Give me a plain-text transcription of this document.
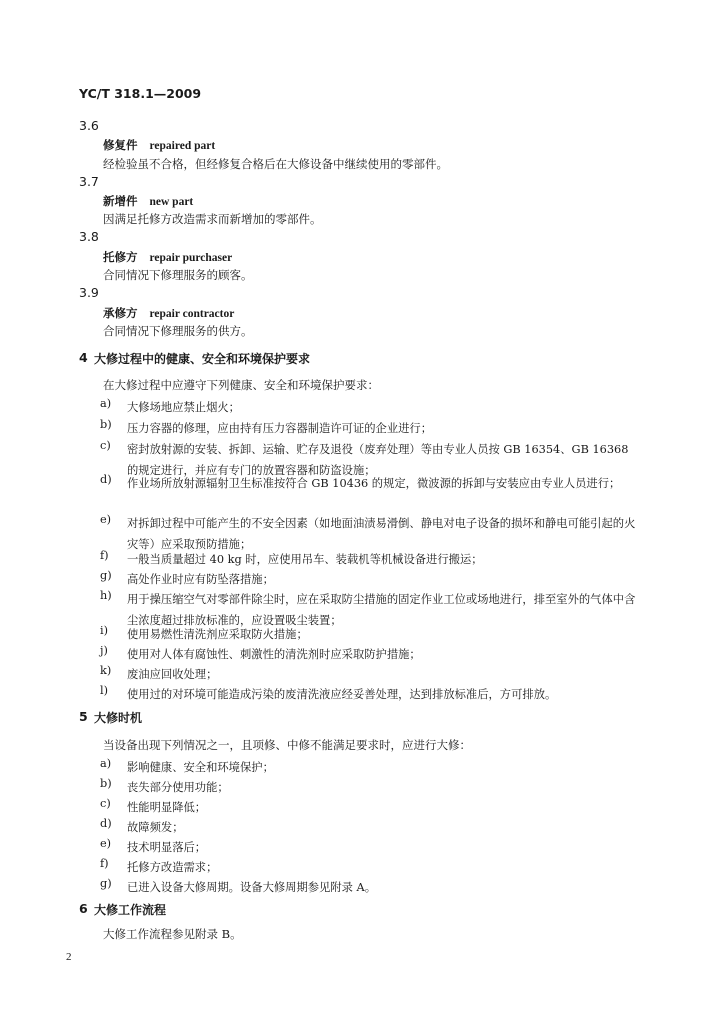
YC/T 318.1—2009
3.6
修复件 repaired part
经检验虽不合格，但经修复合格后在大修设备中继续使用的零部件。
3.7
新增件 new part
因满足托修方改造需求而新增加的零部件。
3.8
托修方 repair purchaser
合同情况下修理服务的顾客。
3.9
承修方 repair contractor
合同情况下修理服务的供方。
4 大修过程中的健康、安全和环境保护要求
在大修过程中应遵守下列健康、安全和环境保护要求：
a)	大修场地应禁止烟火；
b)	压力容器的修理，应由持有压力容器制造许可证的企业进行；
c)	密封放射源的安装、拆卸、运输、贮存及退役（废弃处理）等由专业人员按 GB 16354、GB 16368 的规定进行，并应有专门的放置容器和防盗设施；
d)	作业场所放射源辐射卫生标准按符合 GB 10436 的规定，微波源的拆卸与安装应由专业人员进行；
e)	对拆卸过程中可能产生的不安全因素（如地面油渍易滑倒、静电对电子设备的损坏和静电可能引起的火灾等）应采取预防措施；
f)	一般当质量超过 40 kg 时，应使用吊车、装载机等机械设备进行搬运；
g)	高处作业时应有防坠落措施；
h)	用于操压缩空气对零部件除尘时，应在采取防尘措施的固定作业工位或场地进行，排至室外的气体中含尘浓度超过排放标准的，应设置吸尘装置；
i)	使用易燃性清洗剂应采取防火措施；
j)	使用对人体有腐蚀性、刺激性的清洗剂时应采取防护措施；
k)	废油应回收处理；
l)	使用过的对环境可能造成污染的废清洗液应经妥善处理，达到排放标准后，方可排放。
5 大修时机
当设备出现下列情况之一，且项修、中修不能满足要求时，应进行大修：
a)	影响健康、安全和环境保护；
b)	丧失部分使用功能；
c)	性能明显降低；
d)	故障频发；
e)	技术明显落后；
f)	托修方改造需求；
g)	已进入设备大修周期。设备大修周期参见附录 A。
6 大修工作流程
大修工作流程参见附录 B。
2
